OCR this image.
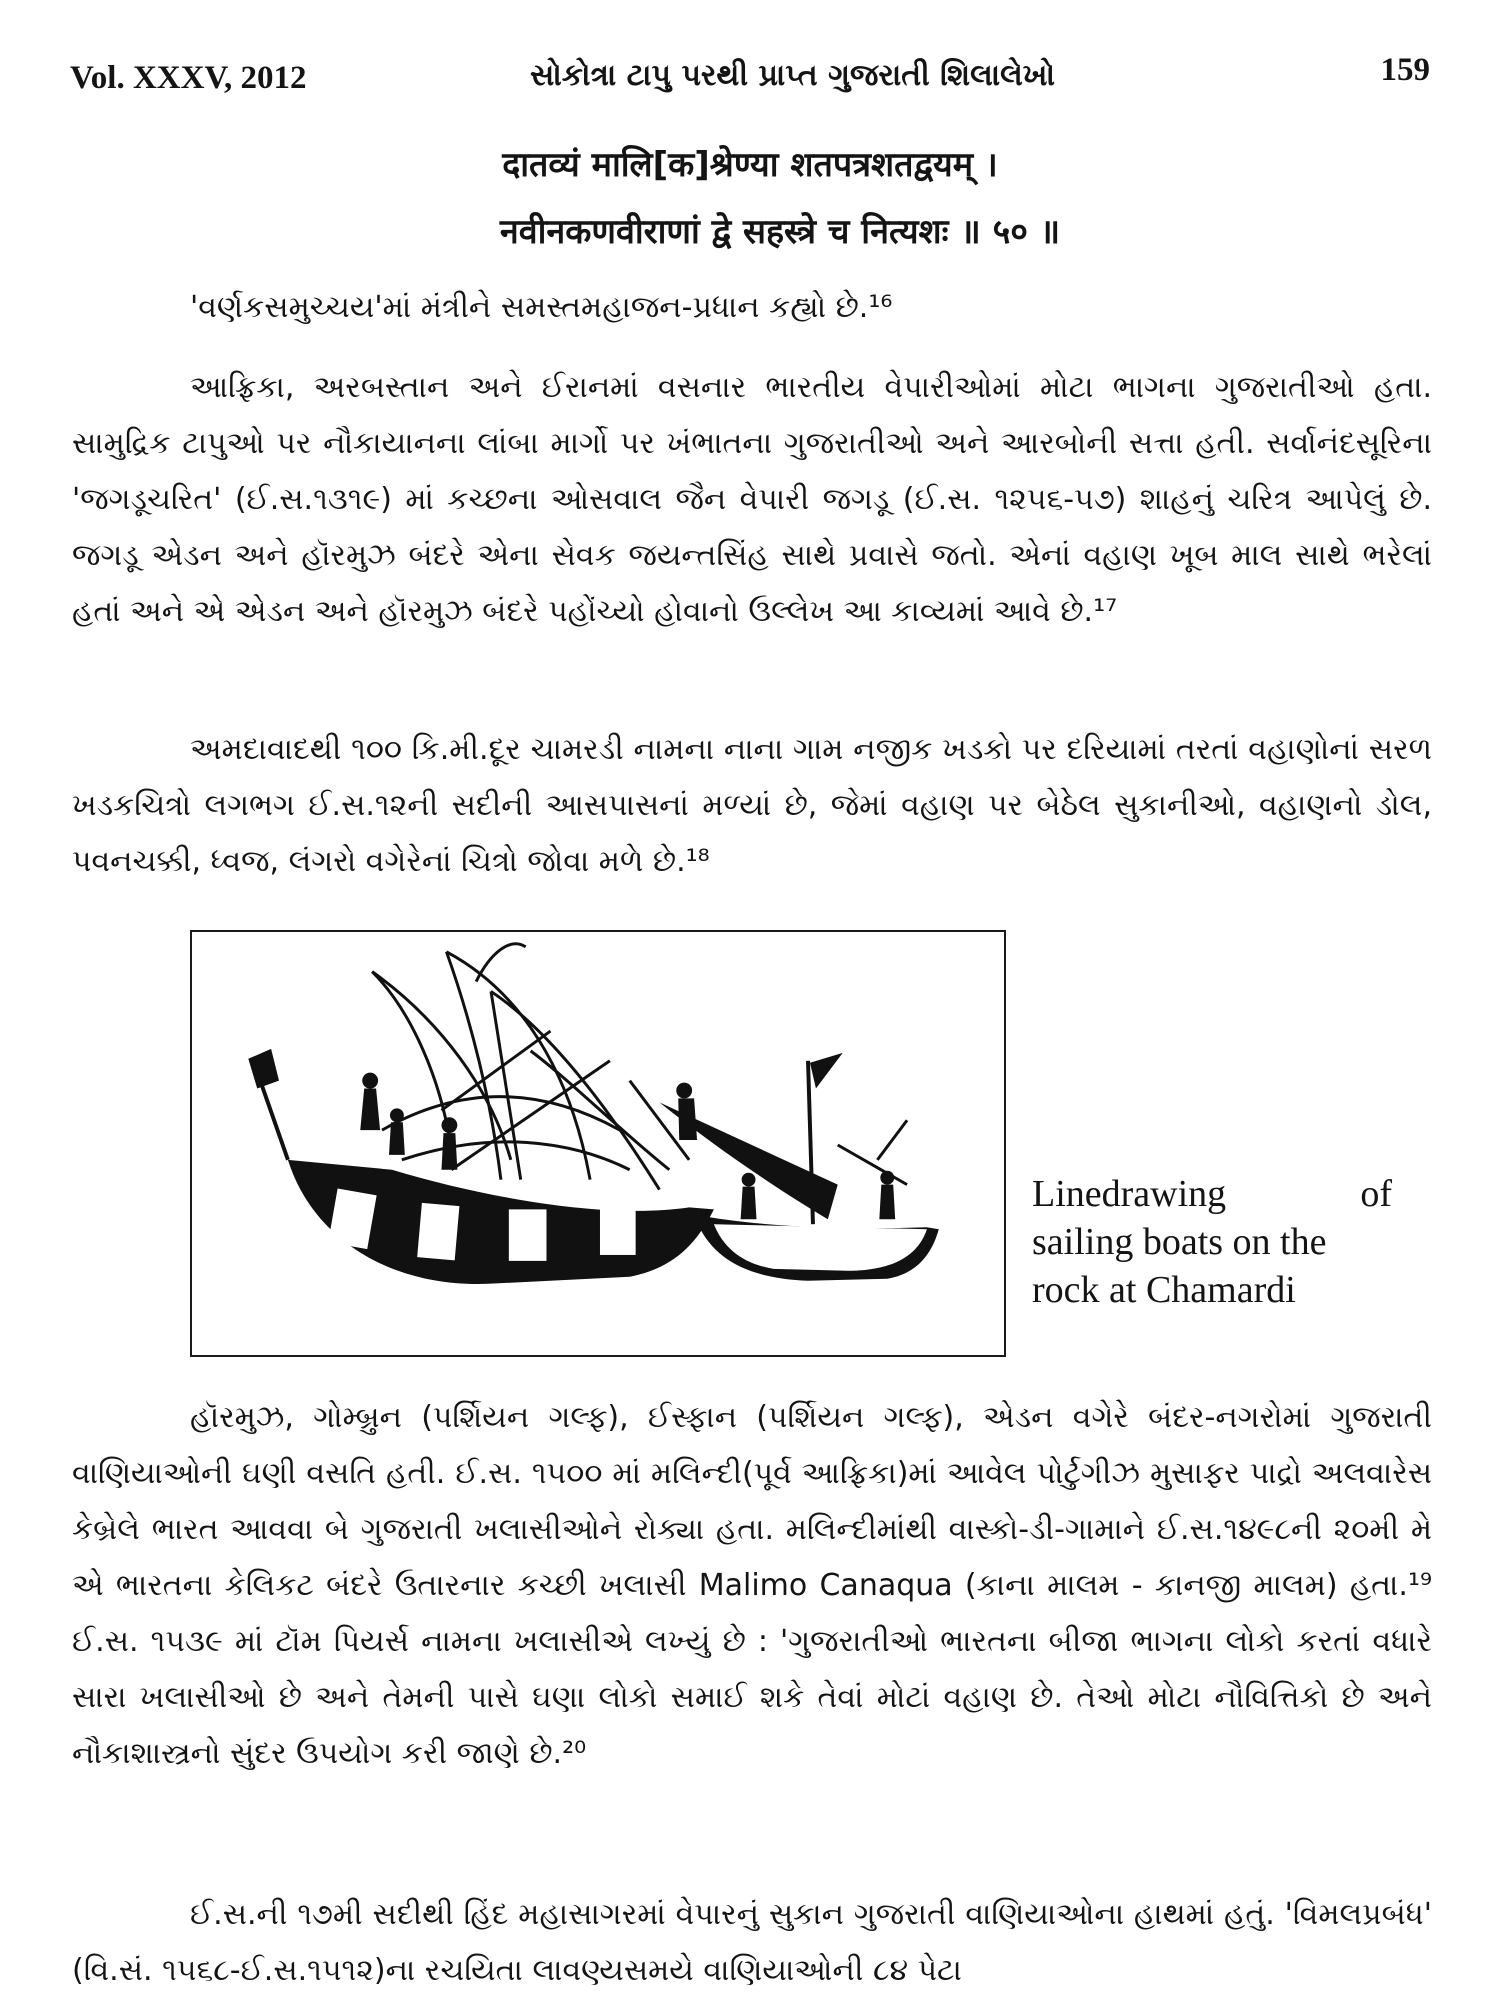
Vol. XXXV, 2012	સોકોત્રા ટાપુ પરથી પ્રાપ્ત ગુજરાતી શિલાલેખો	159
दातव्यं मालि[क]श्रेण्या शतपत्रशतद्वयम् ।
नवीनकणवीराणां द्वे सहस्त्रे च नित्यशः ॥ ५० ॥

'વર્ણકસમુચ્ચય'માં મંત્રીને સમસ્તમહાજન-પ્રધાન કહ્યો છે.¹⁶

આફ્રિકા, અરબસ્તાન અને ઈરાનમાં વસનાર ભારતીય વેપારીઓમાં મોટા ભાગના ગુજરાતીઓ હતા. સામુદ્રિક ટાપુઓ પર નૌકાયાનના લાંબા માર્ગો પર ખંભાતના ગુજરાતીઓ અને આરબોની સત્તા હતી. સર્વાનંદસૂરિના 'જગડૂચરિત' (ઈ.સ.૧૩૧૯) માં કચ્છના ઓસવાલ જૈન વેપારી જગડૂ (ઈ.સ. ૧૨૫૬-૫૭) શાહનું ચરિત્ર આપેલું છે. જગડૂ એડન અને હૉરમુઝ બંદરે એના સેવક જયન્તસિંહ સાથે પ્રવાસે જતો. એનાં વહાણ ખૂબ માલ સાથે ભરેલાં હતાં અને એ એડન અને હૉરમુઝ બંદરે પહોંચ્યો હોવાનો ઉલ્લેખ આ કાવ્યમાં આવે છે.¹⁷

અમદાવાદથી ૧૦૦ કિ.મી.દૂર ચામરડી નામના નાના ગામ નજીક ખડકો પર દરિયામાં તરતાં વહાણોનાં સરળ ખડકચિત્રો લગભગ ઈ.સ.૧૨ની સદીની આસપાસનાં મળ્યાં છે, જેમાં વહાણ પર બેઠેલ સુકાનીઓ, વહાણનો ડોલ, પવનચક્કી, ધ્વજ, લંગરો વગેરેનાં ચિત્રો જોવા મળે છે.¹⁸

Linedrawing	of
sailing boats on the
rock at Chamardi

હૉરમુઝ, ગોમ્બ્રુન (પર્શિયન ગલ્ફ), ઈસ્ફાન (પર્શિયન ગલ્ફ), એડન વગેરે બંદર-નગરોમાં ગુજરાતી વાણિયાઓની ઘણી વસતિ હતી. ઈ.સ. ૧૫૦૦ માં મલિન્દી(પૂર્વ આફ્રિકા)માં આવેલ પોર્ટુગીઝ મુસાફર પાદ્રો અલવારેસ કેબ્રેલે ભારત આવવા બે ગુજરાતી ખલાસીઓને રોક્યા હતા. મલિન્દીમાંથી વાસ્કો-ડી-ગામાને ઈ.સ.૧૪૯૮ની ૨૦મી મે એ ભારતના કેલિકટ બંદરે ઉતારનાર કચ્છી ખલાસી Malimo Canaqua (કાના માલમ - કાનજી માલમ) હતા.¹⁹ ઈ.સ. ૧૫૩૯ માં ટૉમ પિયર્સ નામના ખલાસીએ લખ્યું છે : 'ગુજરાતીઓ ભારતના બીજા ભાગના લોકો કરતાં વધારે સારા ખલાસીઓ છે અને તેમની પાસે ઘણા લોકો સમાઈ શકે તેવાં મોટાં વહાણ છે. તેઓ મોટા નૌવિત્તિકો છે અને નૌકાશાસ્ત્રનો સુંદર ઉપયોગ કરી જાણે છે.²⁰

ઈ.સ.ની ૧૭મી સદીથી હિંદ મહાસાગરમાં વેપારનું સુકાન ગુજરાતી વાણિયાઓના હાથમાં હતું. 'વિમલપ્રબંધ' (વિ.સં. ૧૫૬૮-ઈ.સ.૧૫૧૨)ના રચયિતા લાવણ્યસમયે વાણિયાઓની ૮૪ પેટા
